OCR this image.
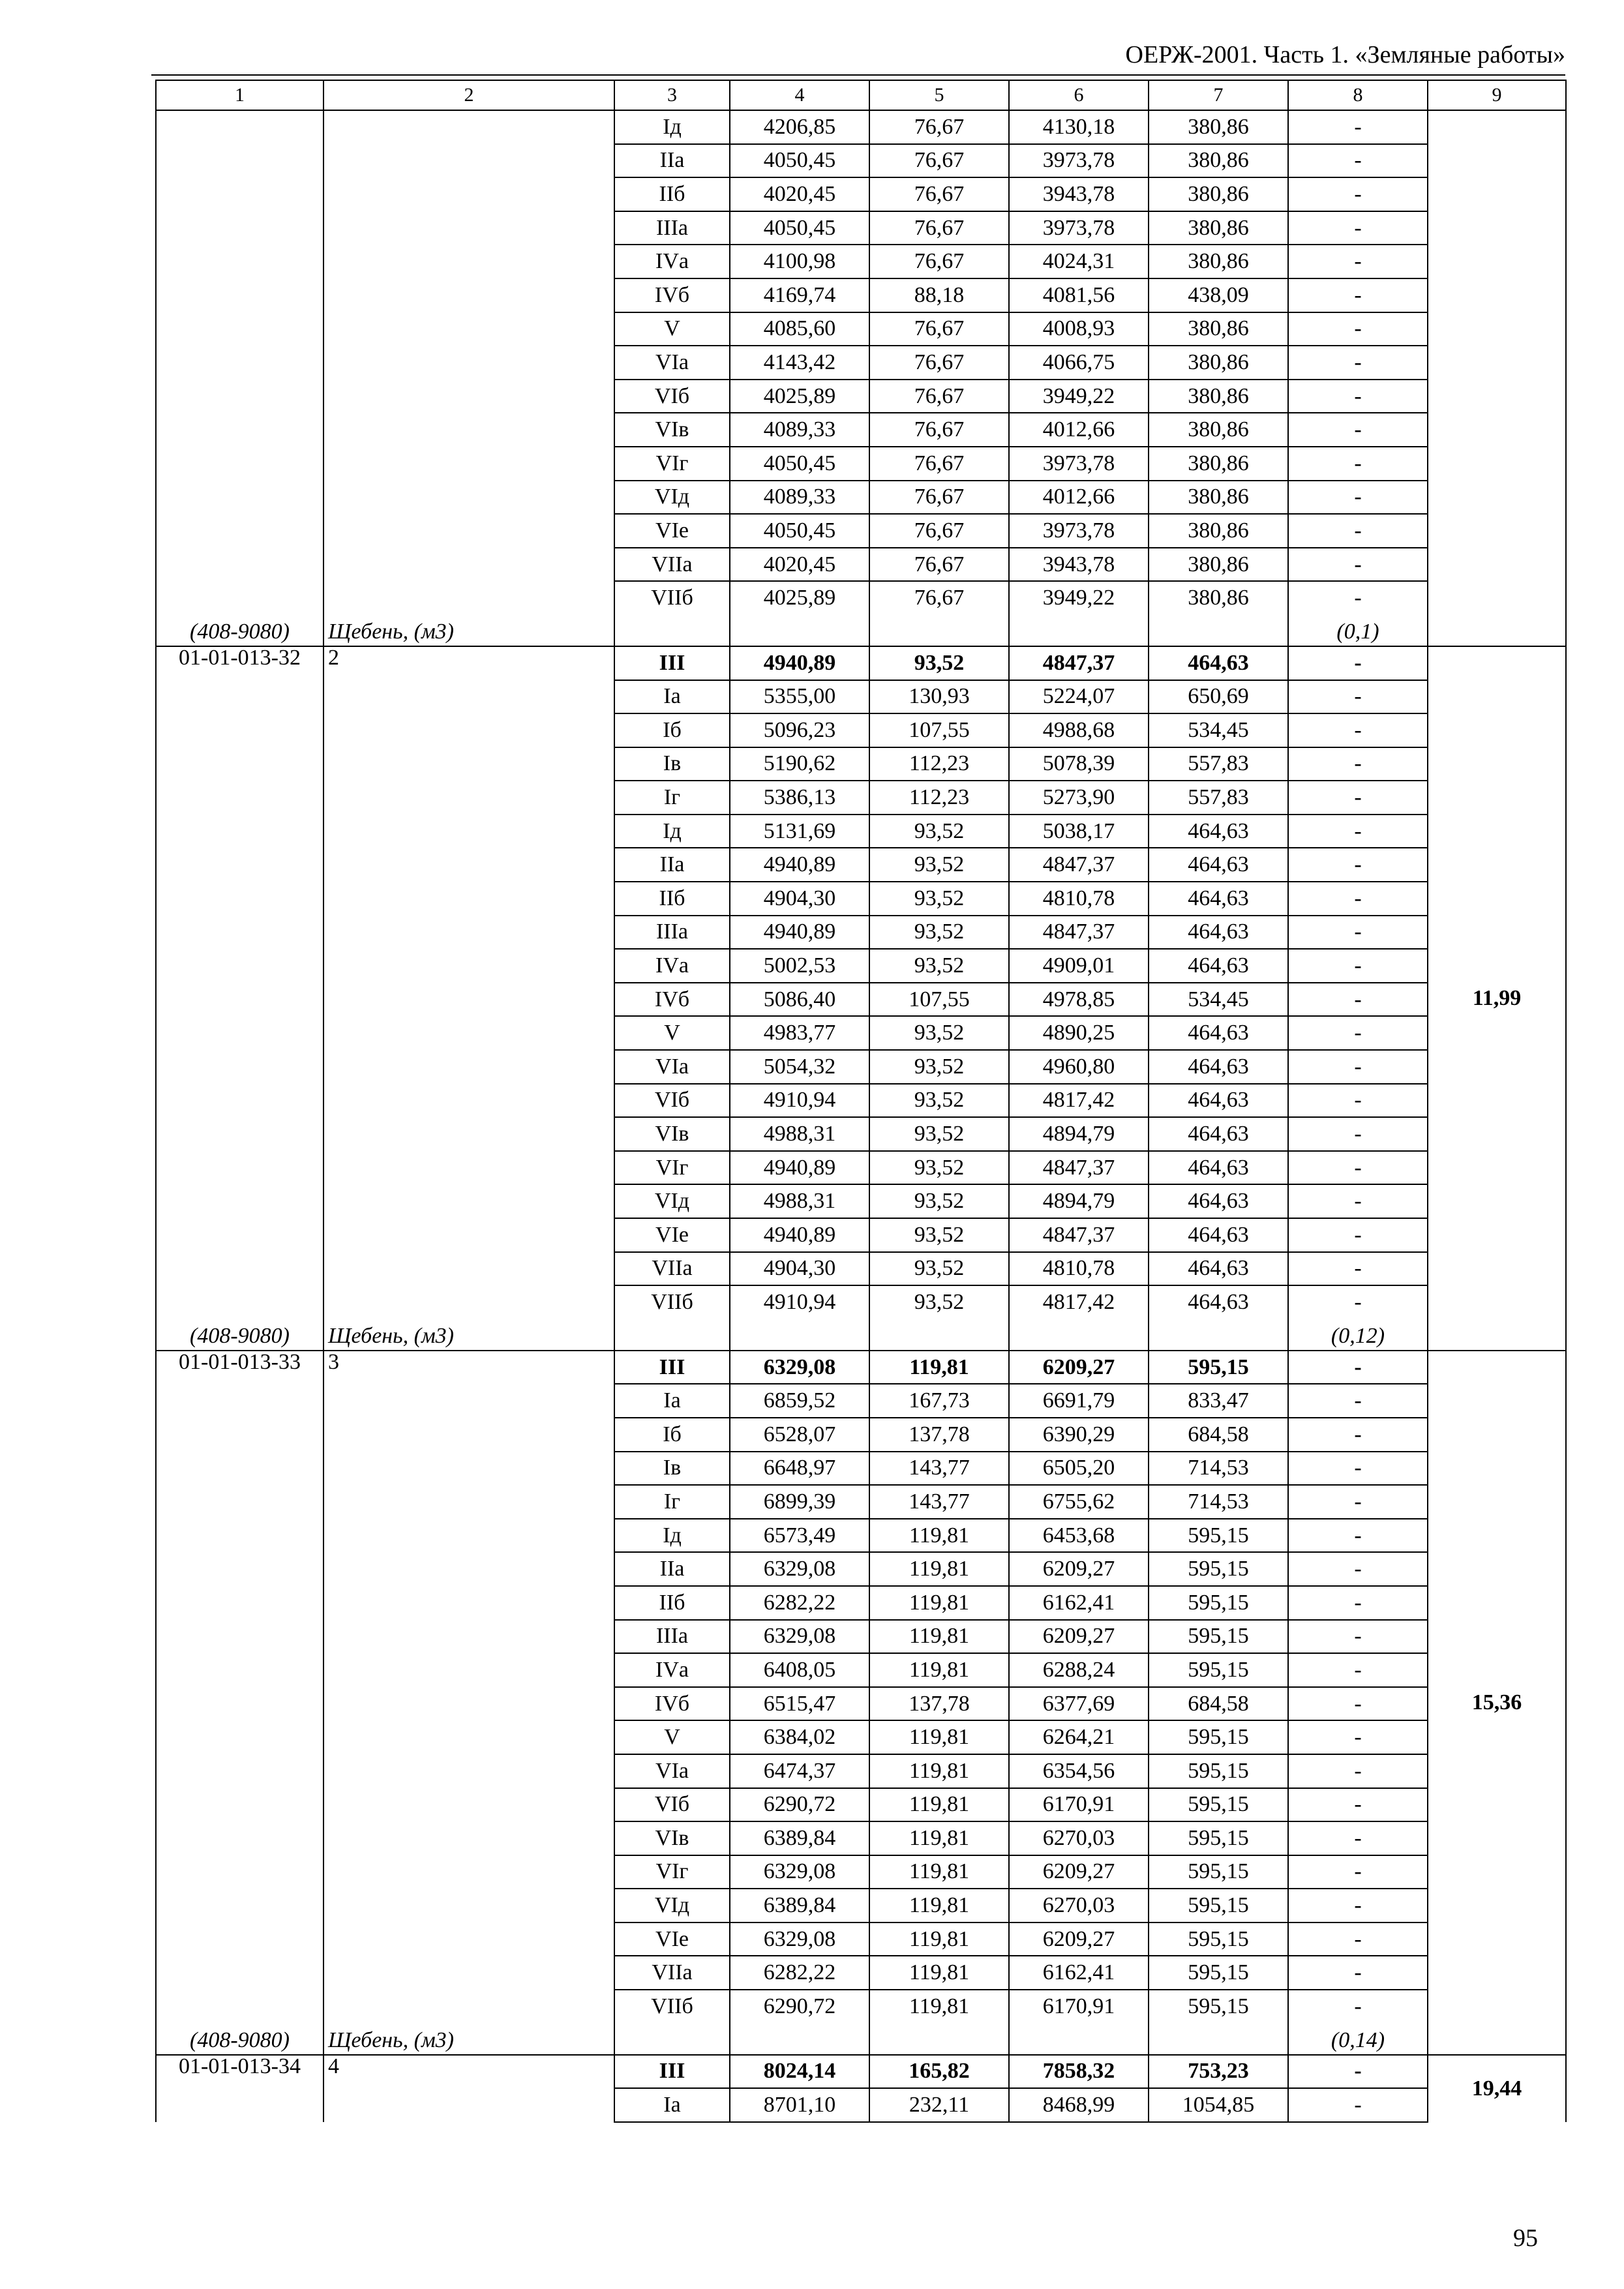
ОЕРЖ-2001. Часть 1. «Земляные работы»
1	2	3	4	5	6	7	8	9
		Iд	4206,85	76,67	4130,18	380,86	-	
		IIа	4050,45	76,67	3973,78	380,86	-	
		IIб	4020,45	76,67	3943,78	380,86	-	
		IIIа	4050,45	76,67	3973,78	380,86	-	
		IVа	4100,98	76,67	4024,31	380,86	-	
		IVб	4169,74	88,18	4081,56	438,09	-	
		V	4085,60	76,67	4008,93	380,86	-	
		VIа	4143,42	76,67	4066,75	380,86	-	
		VIб	4025,89	76,67	3949,22	380,86	-	
		VIв	4089,33	76,67	4012,66	380,86	-	
		VIг	4050,45	76,67	3973,78	380,86	-	
		VIд	4089,33	76,67	4012,66	380,86	-	
		VIе	4050,45	76,67	3973,78	380,86	-	
		VIIа	4020,45	76,67	3943,78	380,86	-	
		VIIб	4025,89	76,67	3949,22	380,86	-	
(408-9080)	Щебень, (м3)						(0,1)	
01-01-013-32	2	III	4940,89	93,52	4847,37	464,63	-	11,99
		Iа	5355,00	130,93	5224,07	650,69	-	
		Iб	5096,23	107,55	4988,68	534,45	-	
		Iв	5190,62	112,23	5078,39	557,83	-	
		Iг	5386,13	112,23	5273,90	557,83	-	
		Iд	5131,69	93,52	5038,17	464,63	-	
		IIа	4940,89	93,52	4847,37	464,63	-	
		IIб	4904,30	93,52	4810,78	464,63	-	
		IIIа	4940,89	93,52	4847,37	464,63	-	
		IVа	5002,53	93,52	4909,01	464,63	-	
		IVб	5086,40	107,55	4978,85	534,45	-	
		V	4983,77	93,52	4890,25	464,63	-	
		VIа	5054,32	93,52	4960,80	464,63	-	
		VIб	4910,94	93,52	4817,42	464,63	-	
		VIв	4988,31	93,52	4894,79	464,63	-	
		VIг	4940,89	93,52	4847,37	464,63	-	
		VIд	4988,31	93,52	4894,79	464,63	-	
		VIе	4940,89	93,52	4847,37	464,63	-	
		VIIа	4904,30	93,52	4810,78	464,63	-	
		VIIб	4910,94	93,52	4817,42	464,63	-	
(408-9080)	Щебень, (м3)						(0,12)	
01-01-013-33	3	III	6329,08	119,81	6209,27	595,15	-	15,36
		Iа	6859,52	167,73	6691,79	833,47	-	
		Iб	6528,07	137,78	6390,29	684,58	-	
		Iв	6648,97	143,77	6505,20	714,53	-	
		Iг	6899,39	143,77	6755,62	714,53	-	
		Iд	6573,49	119,81	6453,68	595,15	-	
		IIа	6329,08	119,81	6209,27	595,15	-	
		IIб	6282,22	119,81	6162,41	595,15	-	
		IIIа	6329,08	119,81	6209,27	595,15	-	
		IVа	6408,05	119,81	6288,24	595,15	-	
		IVб	6515,47	137,78	6377,69	684,58	-	
		V	6384,02	119,81	6264,21	595,15	-	
		VIа	6474,37	119,81	6354,56	595,15	-	
		VIб	6290,72	119,81	6170,91	595,15	-	
		VIв	6389,84	119,81	6270,03	595,15	-	
		VIг	6329,08	119,81	6209,27	595,15	-	
		VIд	6389,84	119,81	6270,03	595,15	-	
		VIе	6329,08	119,81	6209,27	595,15	-	
		VIIа	6282,22	119,81	6162,41	595,15	-	
		VIIб	6290,72	119,81	6170,91	595,15	-	
(408-9080)	Щебень, (м3)						(0,14)	
01-01-013-34	4	III	8024,14	165,82	7858,32	753,23	-	19,44
		Iа	8701,10	232,11	8468,99	1054,85	-	
95
